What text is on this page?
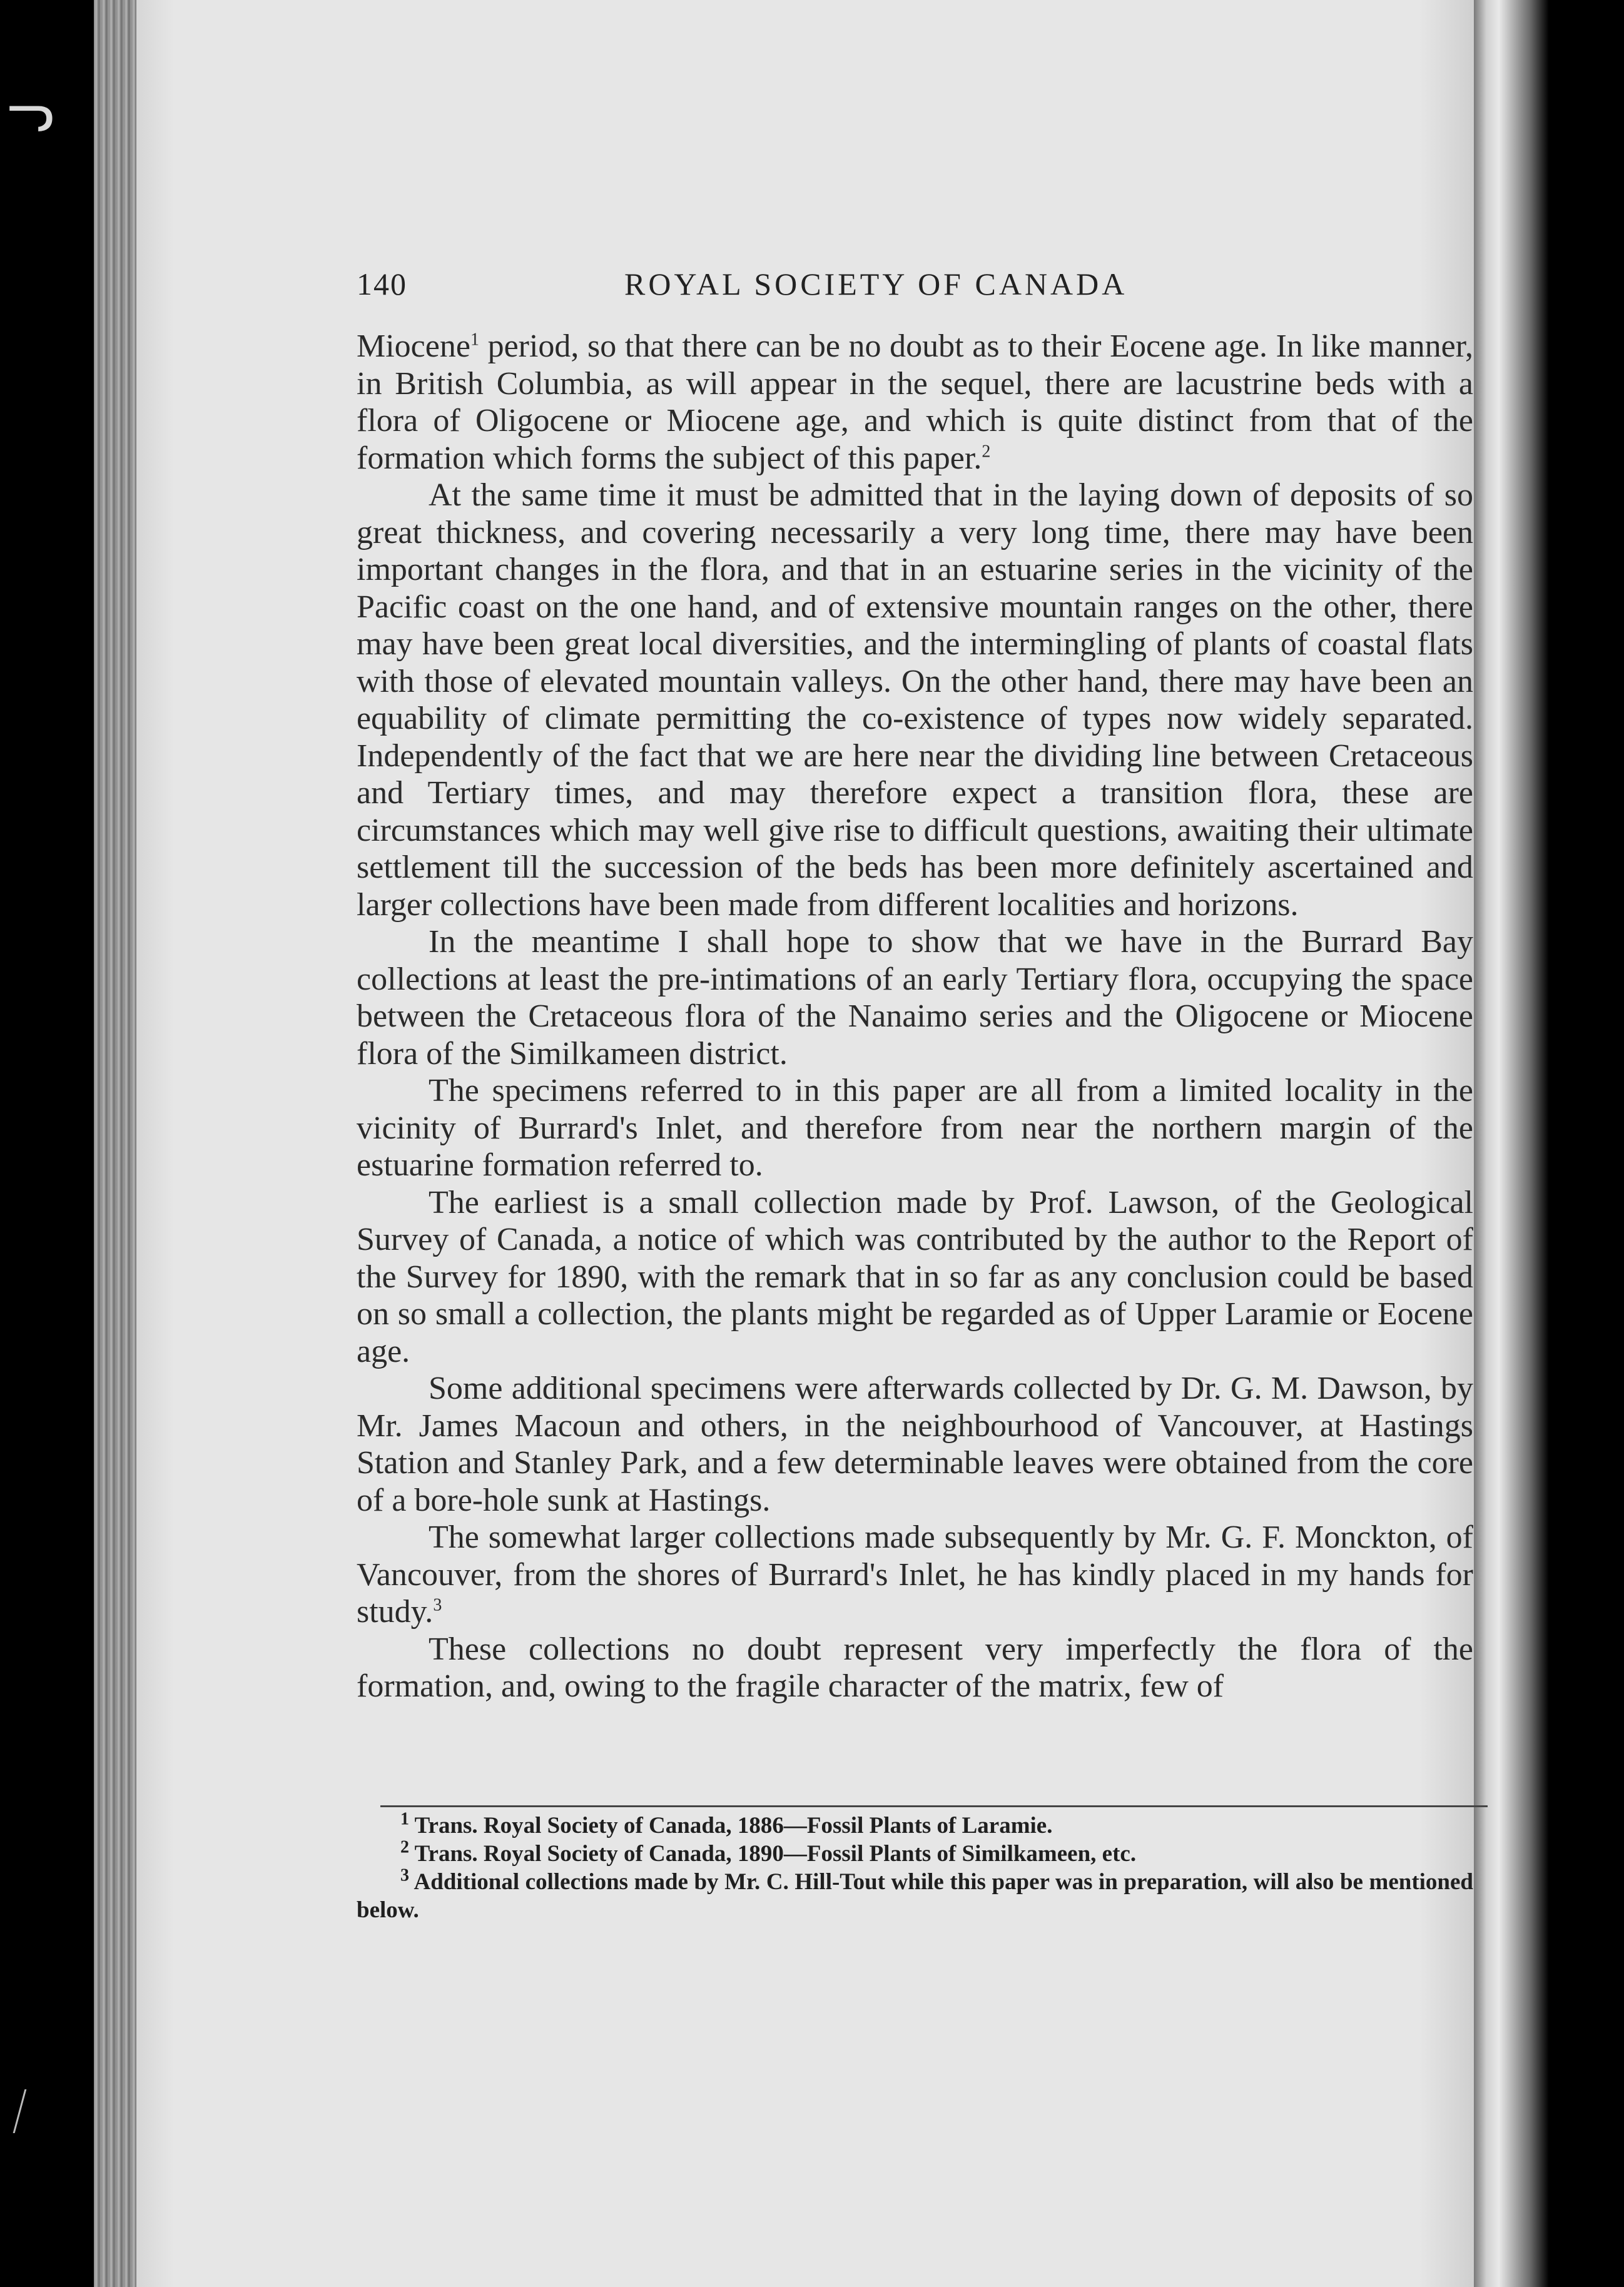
ᓓ
140	ROYAL SOCIETY OF CANADA

Miocene$^1$ period, so that there can be no doubt as to their Eocene age. In like manner, in British Columbia, as will appear in the sequel, there are lacustrine beds with a flora of Oligocene or Miocene age, and which is quite distinct from that of the formation which forms the subject of this paper.$^2$

At the same time it must be admitted that in the laying down of deposits of so great thickness, and covering necessarily a very long time, there may have been important changes in the flora, and that in an estuarine series in the vicinity of the Pacific coast on the one hand, and of extensive mountain ranges on the other, there may have been great local diversities, and the intermingling of plants of coastal flats with those of elevated mountain valleys. On the other hand, there may have been an equability of climate permitting the co-existence of types now widely separated. Independently of the fact that we are here near the dividing line between Cretaceous and Tertiary times, and may therefore expect a transition flora, these are circumstances which may well give rise to difficult questions, awaiting their ultimate settlement till the succession of the beds has been more definitely ascertained and larger collections have been made from different localities and horizons.

In the meantime I shall hope to show that we have in the Burrard Bay collections at least the pre-intimations of an early Tertiary flora, occupying the space between the Cretaceous flora of the Nanaimo series and the Oligocene or Miocene flora of the Similkameen district.

The specimens referred to in this paper are all from a limited locality in the vicinity of Burrard's Inlet, and therefore from near the northern margin of the estuarine formation referred to.

The earliest is a small collection made by Prof. Lawson, of the Geological Survey of Canada, a notice of which was contributed by the author to the Report of the Survey for 1890, with the remark that in so far as any conclusion could be based on so small a collection, the plants might be regarded as of Upper Laramie or Eocene age.

Some additional specimens were afterwards collected by Dr. G. M. Dawson, by Mr. James Macoun and others, in the neighbourhood of Vancouver, at Hastings Station and Stanley Park, and a few determinable leaves were obtained from the core of a bore-hole sunk at Hastings.

The somewhat larger collections made subsequently by Mr. G. F. Monckton, of Vancouver, from the shores of Burrard's Inlet, he has kindly placed in my hands for study.$^3$

These collections no doubt represent very imperfectly the flora of the formation, and, owing to the fragile character of the matrix, few of

$^1$ Trans. Royal Society of Canada, 1886—Fossil Plants of Laramie.

$^2$ Trans. Royal Society of Canada, 1890—Fossil Plants of Similkameen, etc.

$^3$ Additional collections made by Mr. C. Hill-Tout while this paper was in preparation, will also be mentioned below.
